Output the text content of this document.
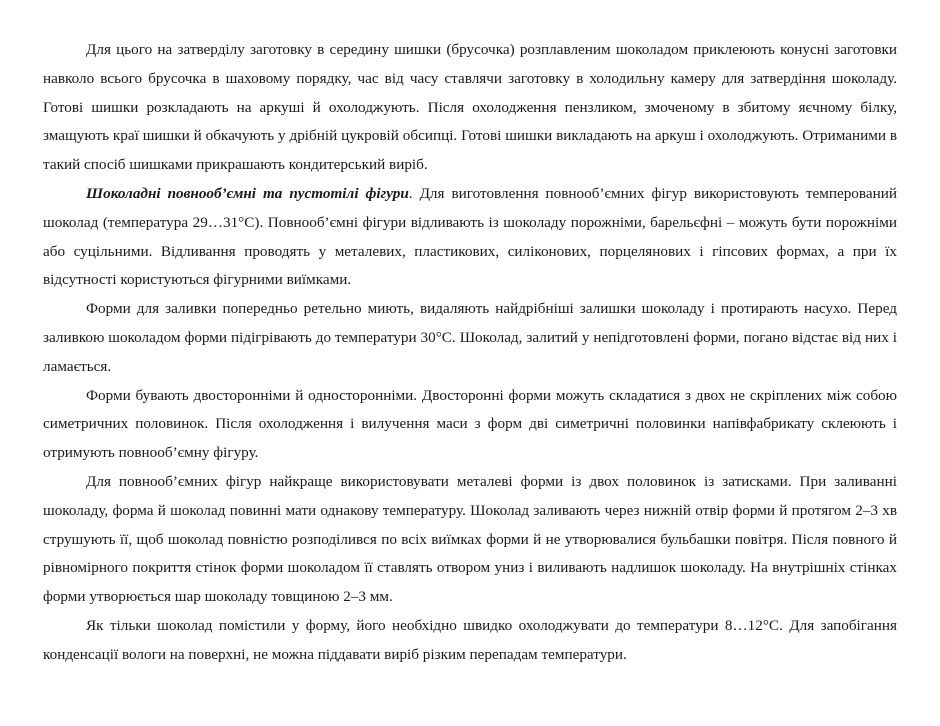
Для цього на затверділу заготовку в середину шишки (брусочка) розплавленим шоколадом приклеюють конусні заготовки навколо всього брусочка в шаховому порядку, час від часу ставлячи заготовку в холодильну камеру для затвердіння шоколаду. Готові шишки розкладають на аркуші й охолоджують. Після охолодження пензликом, змоченому в збитому яєчному білку, змащують краї шишки й обкачують у дрібній цукровій обсипці. Готові шишки викладають на аркуш і охолоджують. Отриманими в такий спосіб шишками прикрашають кондитерський виріб.

Шоколадні повнооб’ємні та пустотілі фігури. Для виготовлення повнооб’ємних фігур використовують темперований шоколад (температура 29…31°С). Повнооб’ємні фігури відливають із шоколаду порожніми, барельєфні – можуть бути порожніми або суцільними. Відливання проводять у металевих, пластикових, силіконових, порцелянових і гіпсових формах, а при їх відсутності користуються фігурними виїмками.

Форми для заливки попередньо ретельно миють, видаляють найдрібніші залишки шоколаду і протирають насухо. Перед заливкою шоколадом форми підігрівають до температури 30°С. Шоколад, залитий у непідготовлені форми, погано відстає від них і ламається.

Форми бувають двосторонніми й односторонніми. Двосторонні форми можуть складатися з двох не скріплених між собою симетричних половинок. Після охолодження і вилучення маси з форм дві симетричні половинки напівфабрикату склеюють і отримують повнооб’ємну фігуру.

Для повнооб’ємних фігур найкраще використовувати металеві форми із двох половинок із затисками. При заливанні шоколаду, форма й шоколад повинні мати однакову температуру. Шоколад заливають через нижній отвір форми й протягом 2–3 хв струшують її, щоб шоколад повністю розподілився по всіх виїмках форми й не утворювалися бульбашки повітря. Після повного й рівномірного покриття стінок форми шоколадом її ставлять отвором униз і виливають надлишок шоколаду. На внутрішніх стінках форми утворюється шар шоколаду товщиною 2–3 мм.

Як тільки шоколад помістили у форму, його необхідно швидко охолоджувати до температури 8…12°С. Для запобігання конденсації вологи на поверхні, не можна піддавати виріб різким перепадам температури.
